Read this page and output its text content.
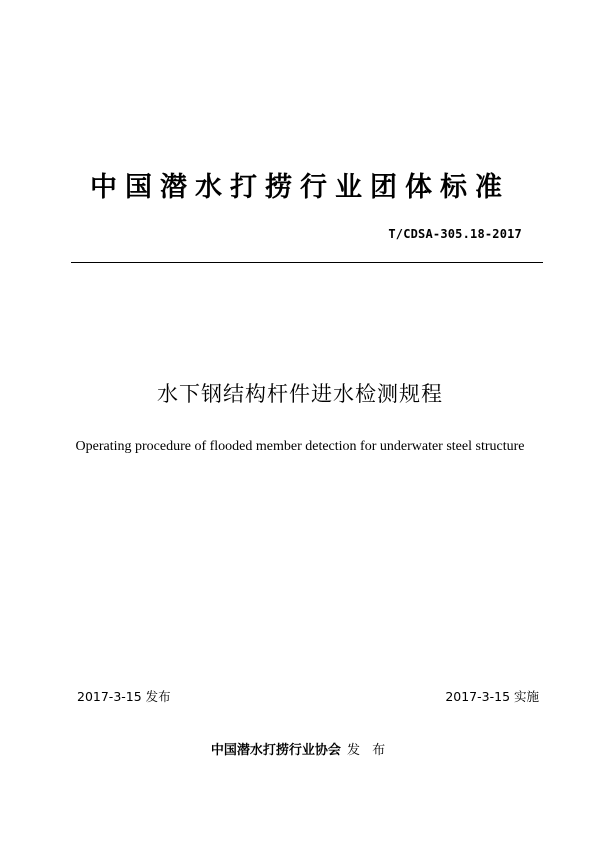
中国潜水打捞行业团体标准
T/CDSA-305.18-2017
水下钢结构杆件进水检测规程
Operating procedure of flooded member detection for underwater steel structure
2017-3-15 发布	2017-3-15 实施
中国潜水打捞行业协会 发 布
